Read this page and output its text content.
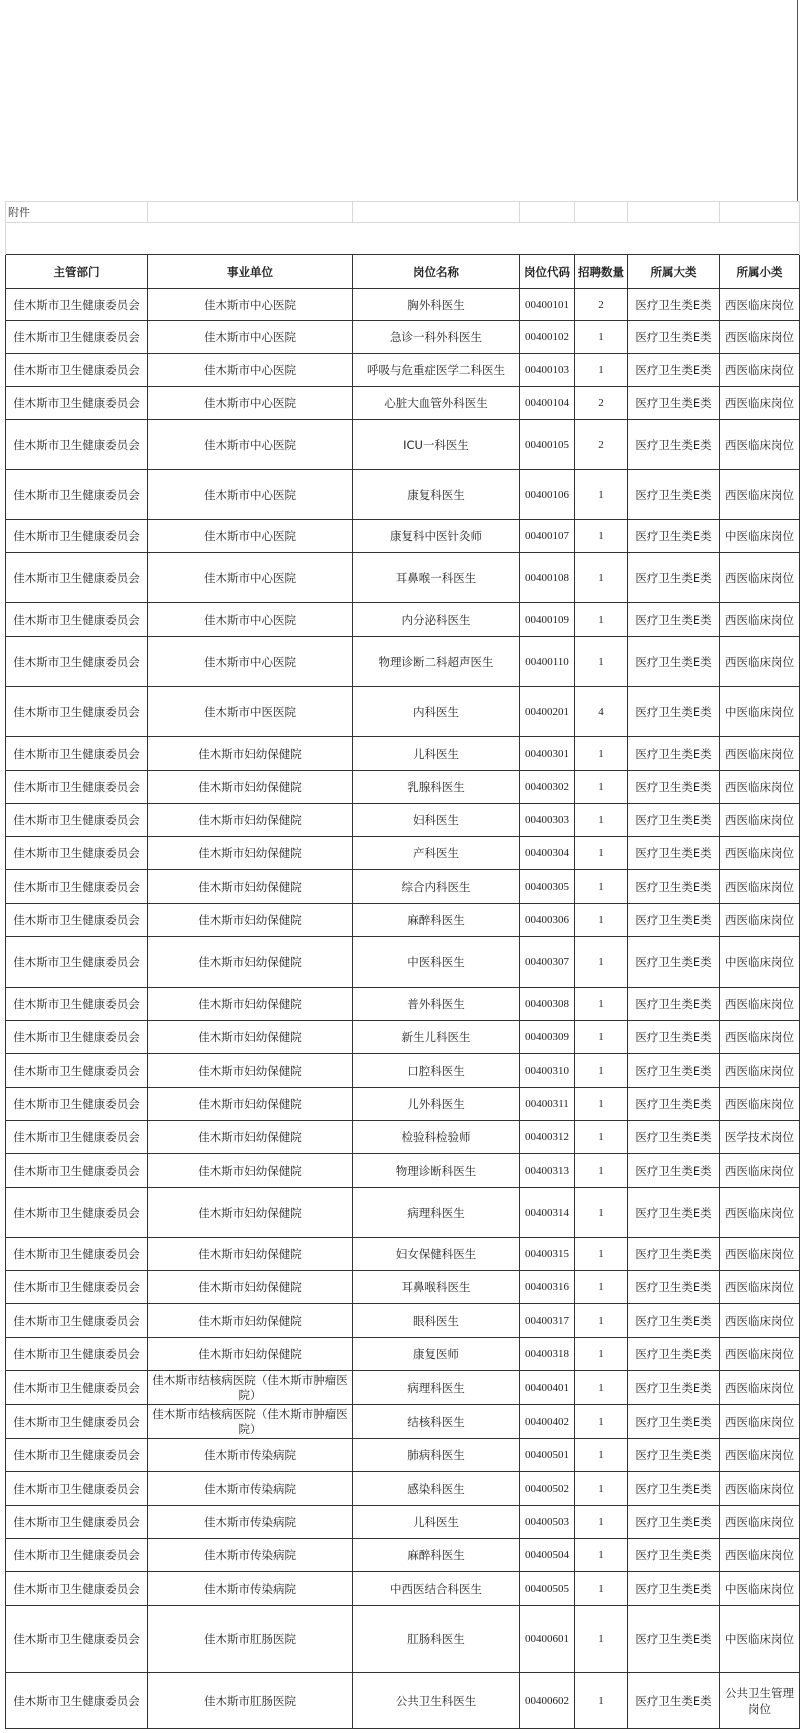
附件						

主管部门	事业单位	岗位名称	岗位代码	招聘数量	所属大类	所属小类
佳木斯市卫生健康委员会	佳木斯市中心医院	胸外科医生	00400101	2	医疗卫生类E类	西医临床岗位
佳木斯市卫生健康委员会	佳木斯市中心医院	急诊一科外科医生	00400102	1	医疗卫生类E类	西医临床岗位
佳木斯市卫生健康委员会	佳木斯市中心医院	呼吸与危重症医学二科医生	00400103	1	医疗卫生类E类	西医临床岗位
佳木斯市卫生健康委员会	佳木斯市中心医院	心脏大血管外科医生	00400104	2	医疗卫生类E类	西医临床岗位
佳木斯市卫生健康委员会	佳木斯市中心医院	ICU一科医生	00400105	2	医疗卫生类E类	西医临床岗位
佳木斯市卫生健康委员会	佳木斯市中心医院	康复科医生	00400106	1	医疗卫生类E类	西医临床岗位
佳木斯市卫生健康委员会	佳木斯市中心医院	康复科中医针灸师	00400107	1	医疗卫生类E类	中医临床岗位
佳木斯市卫生健康委员会	佳木斯市中心医院	耳鼻喉一科医生	00400108	1	医疗卫生类E类	西医临床岗位
佳木斯市卫生健康委员会	佳木斯市中心医院	内分泌科医生	00400109	1	医疗卫生类E类	西医临床岗位
佳木斯市卫生健康委员会	佳木斯市中心医院	物理诊断二科超声医生	00400110	1	医疗卫生类E类	西医临床岗位
佳木斯市卫生健康委员会	佳木斯市中医医院	内科医生	00400201	4	医疗卫生类E类	中医临床岗位
佳木斯市卫生健康委员会	佳木斯市妇幼保健院	儿科医生	00400301	1	医疗卫生类E类	西医临床岗位
佳木斯市卫生健康委员会	佳木斯市妇幼保健院	乳腺科医生	00400302	1	医疗卫生类E类	西医临床岗位
佳木斯市卫生健康委员会	佳木斯市妇幼保健院	妇科医生	00400303	1	医疗卫生类E类	西医临床岗位
佳木斯市卫生健康委员会	佳木斯市妇幼保健院	产科医生	00400304	1	医疗卫生类E类	西医临床岗位
佳木斯市卫生健康委员会	佳木斯市妇幼保健院	综合内科医生	00400305	1	医疗卫生类E类	西医临床岗位
佳木斯市卫生健康委员会	佳木斯市妇幼保健院	麻醉科医生	00400306	1	医疗卫生类E类	西医临床岗位
佳木斯市卫生健康委员会	佳木斯市妇幼保健院	中医科医生	00400307	1	医疗卫生类E类	中医临床岗位
佳木斯市卫生健康委员会	佳木斯市妇幼保健院	普外科医生	00400308	1	医疗卫生类E类	西医临床岗位
佳木斯市卫生健康委员会	佳木斯市妇幼保健院	新生儿科医生	00400309	1	医疗卫生类E类	西医临床岗位
佳木斯市卫生健康委员会	佳木斯市妇幼保健院	口腔科医生	00400310	1	医疗卫生类E类	西医临床岗位
佳木斯市卫生健康委员会	佳木斯市妇幼保健院	儿外科医生	00400311	1	医疗卫生类E类	西医临床岗位
佳木斯市卫生健康委员会	佳木斯市妇幼保健院	检验科检验师	00400312	1	医疗卫生类E类	医学技术岗位
佳木斯市卫生健康委员会	佳木斯市妇幼保健院	物理诊断科医生	00400313	1	医疗卫生类E类	西医临床岗位
佳木斯市卫生健康委员会	佳木斯市妇幼保健院	病理科医生	00400314	1	医疗卫生类E类	西医临床岗位
佳木斯市卫生健康委员会	佳木斯市妇幼保健院	妇女保健科医生	00400315	1	医疗卫生类E类	西医临床岗位
佳木斯市卫生健康委员会	佳木斯市妇幼保健院	耳鼻喉科医生	00400316	1	医疗卫生类E类	西医临床岗位
佳木斯市卫生健康委员会	佳木斯市妇幼保健院	眼科医生	00400317	1	医疗卫生类E类	西医临床岗位
佳木斯市卫生健康委员会	佳木斯市妇幼保健院	康复医师	00400318	1	医疗卫生类E类	西医临床岗位
佳木斯市卫生健康委员会	佳木斯市结核病医院（佳木斯市肿瘤医院）	病理科医生	00400401	1	医疗卫生类E类	西医临床岗位
佳木斯市卫生健康委员会	佳木斯市结核病医院（佳木斯市肿瘤医院）	结核科医生	00400402	1	医疗卫生类E类	西医临床岗位
佳木斯市卫生健康委员会	佳木斯市传染病院	肺病科医生	00400501	1	医疗卫生类E类	西医临床岗位
佳木斯市卫生健康委员会	佳木斯市传染病院	感染科医生	00400502	1	医疗卫生类E类	西医临床岗位
佳木斯市卫生健康委员会	佳木斯市传染病院	儿科医生	00400503	1	医疗卫生类E类	西医临床岗位
佳木斯市卫生健康委员会	佳木斯市传染病院	麻醉科医生	00400504	1	医疗卫生类E类	西医临床岗位
佳木斯市卫生健康委员会	佳木斯市传染病院	中西医结合科医生	00400505	1	医疗卫生类E类	中医临床岗位
佳木斯市卫生健康委员会	佳木斯市肛肠医院	肛肠科医生	00400601	1	医疗卫生类E类	中医临床岗位
佳木斯市卫生健康委员会	佳木斯市肛肠医院	公共卫生科医生	00400602	1	医疗卫生类E类	公共卫生管理岗位
